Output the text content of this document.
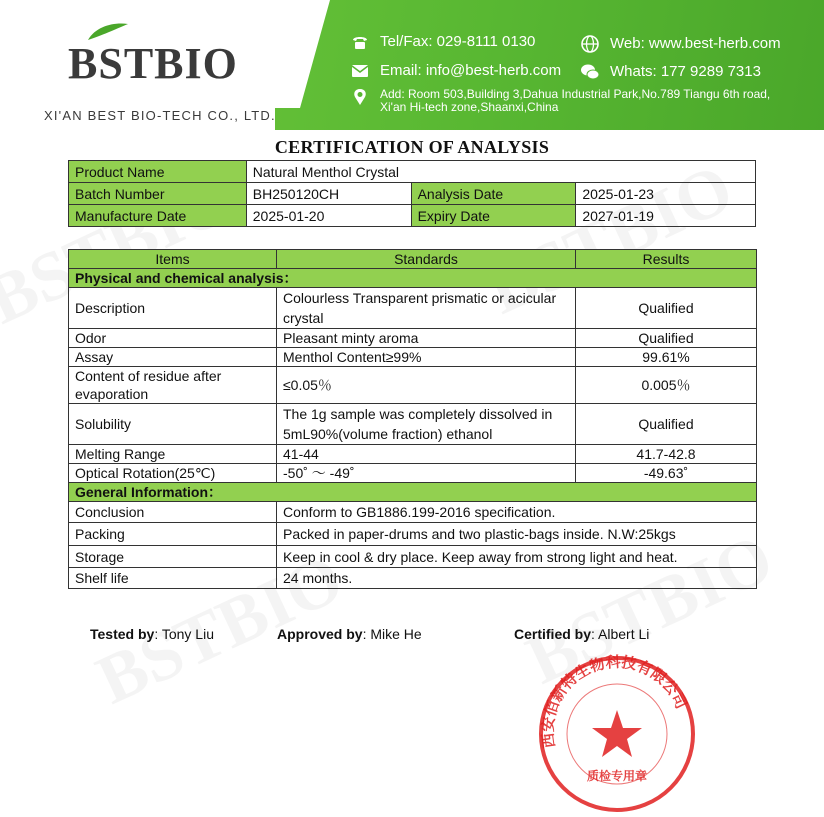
BSTBIO
XI'AN BEST BIO-TECH CO., LTD.
Tel/Fax: 029-8111 0130
Email: info@best-herb.com
Web: www.best-herb.com
Whats: 177 9289 7313
Add: Room 503,Building 3,Dahua Industrial Park,No.789 Tiangu 6th road,
Xi'an Hi-tech zone,Shaanxi,China
CERTIFICATION OF ANALYSIS
Product Name	Natural Menthol Crystal		
Batch Number	BH250120CH	Analysis Date	2025-01-23
Manufacture Date	2025-01-20	Expiry Date	2027-01-19
Items	Standards	Results
Physical and chemical analysis：		
Description	Colourless Transparent prismatic or acicular crystal	Qualified
Odor	Pleasant minty aroma	Qualified
Assay	Menthol Content≥99%	99.61%
Content of residue after evaporation	≤0.05％	0.005％
Solubility	The 1g sample was completely dissolved in 5mL90%(volume fraction) ethanol	Qualified
Melting Range	41-44	41.7-42.8
Optical Rotation(25℃)	-50˚ ～ -49˚	-49.63˚
General Information：		
Conclusion	Conform to GB1886.199-2016 specification.	
Packing	Packed in paper-drums and two plastic-bags inside. N.W:25kgs	
Storage	Keep in cool & dry place. Keep away from strong light and heat.	
Shelf life	24 months.	
Tested by: Tony Liu	Approved by: Mike He	Certified by: Albert Li
西安佰新特生物科技有限公司
质检专用章
